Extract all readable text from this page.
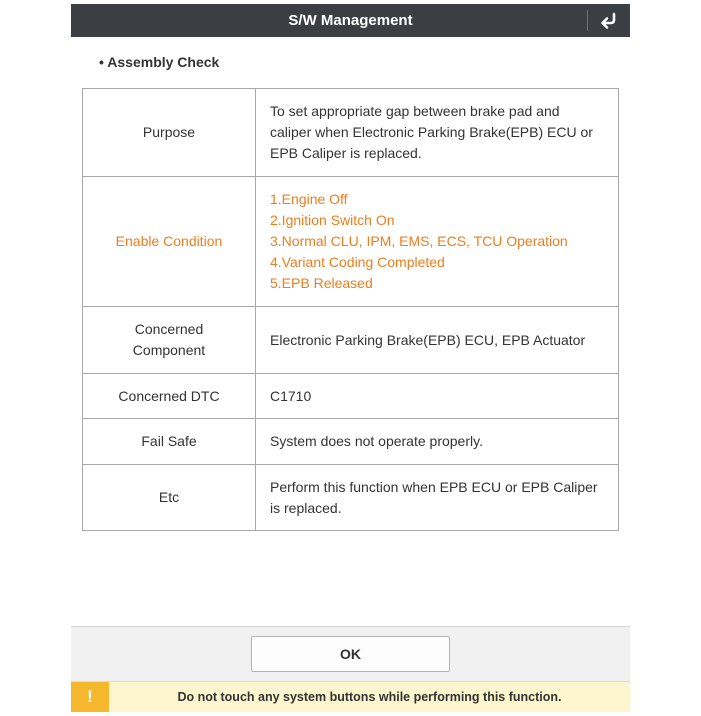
S/W Management
• Assembly Check
Purpose	To set appropriate gap between brake pad and
caliper when Electronic Parking Brake(EPB) ECU or
EPB Caliper is replaced.

Enable Condition	1.Engine Off
2.Ignition Switch On
3.Normal CLU, IPM, EMS, ECS, TCU Operation
4.Variant Coding Completed
5.EPB Released

Concerned
Component	Electronic Parking Brake(EPB) ECU, EPB Actuator

Concerned DTC	C1710

Fail Safe	System does not operate properly.

Etc	Perform this function when EPB ECU or EPB Caliper
is replaced.
OK
!	Do not touch any system buttons while performing this function.
